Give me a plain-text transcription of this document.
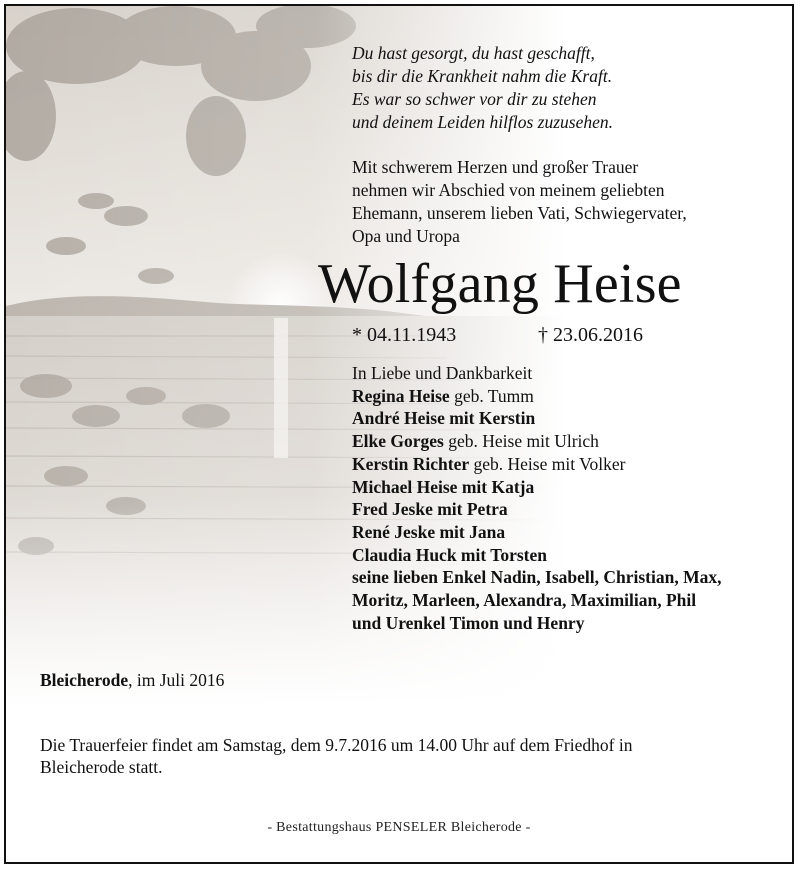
Du hast gesorgt, du hast geschafft,
bis dir die Krankheit nahm die Kraft.
Es war so schwer vor dir zu stehen
und deinem Leiden hilflos zuzusehen.
Mit schwerem Herzen und großer Trauer
nehmen wir Abschied von meinem geliebten
Ehemann, unserem lieben Vati, Schwiegervater,
Opa und Uropa
Wolfgang Heise
* 04.11.1943	† 23.06.2016
In Liebe und Dankbarkeit
Regina Heise geb. Tumm
André Heise mit Kerstin
Elke Gorges geb. Heise mit Ulrich
Kerstin Richter geb. Heise mit Volker
Michael Heise mit Katja
Fred Jeske mit Petra
René Jeske mit Jana
Claudia Huck mit Torsten
seine lieben Enkel Nadin, Isabell, Christian, Max,
Moritz, Marleen, Alexandra, Maximilian, Phil
und Urenkel Timon und Henry
Bleicherode, im Juli 2016
Die Trauerfeier findet am Samstag, dem 9.7.2016 um 14.00 Uhr auf dem Friedhof in
Bleicherode statt.
- Bestattungshaus PENSELER Bleicherode -
